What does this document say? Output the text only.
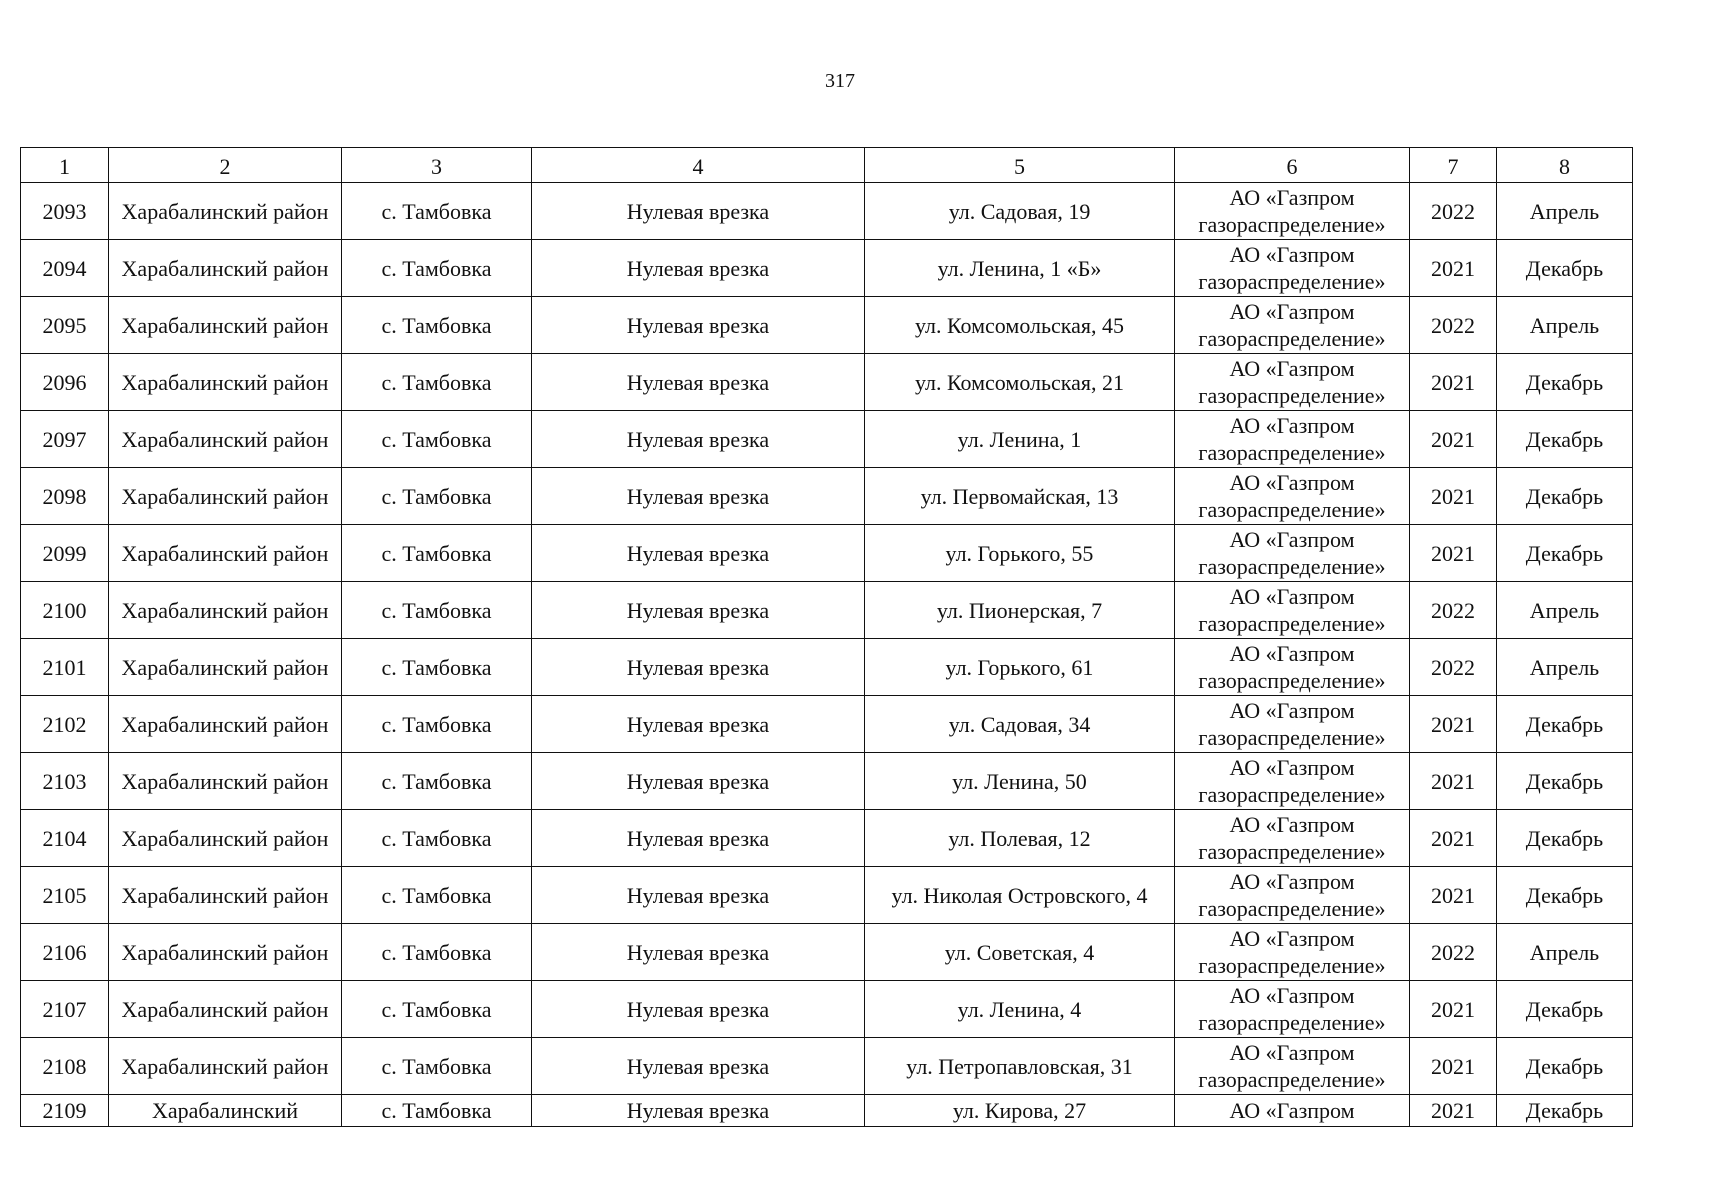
317
1	2	3	4	5	6	7	8
2093	Харабалинский район	с. Тамбовка	Нулевая врезка	ул. Садовая, 19	АО «Газпром газораспределение»	2022	Апрель
2094	Харабалинский район	с. Тамбовка	Нулевая врезка	ул. Ленина, 1 «Б»	АО «Газпром газораспределение»	2021	Декабрь
2095	Харабалинский район	с. Тамбовка	Нулевая врезка	ул. Комсомольская, 45	АО «Газпром газораспределение»	2022	Апрель
2096	Харабалинский район	с. Тамбовка	Нулевая врезка	ул. Комсомольская, 21	АО «Газпром газораспределение»	2021	Декабрь
2097	Харабалинский район	с. Тамбовка	Нулевая врезка	ул. Ленина, 1	АО «Газпром газораспределение»	2021	Декабрь
2098	Харабалинский район	с. Тамбовка	Нулевая врезка	ул. Первомайская, 13	АО «Газпром газораспределение»	2021	Декабрь
2099	Харабалинский район	с. Тамбовка	Нулевая врезка	ул. Горького, 55	АО «Газпром газораспределение»	2021	Декабрь
2100	Харабалинский район	с. Тамбовка	Нулевая врезка	ул. Пионерская, 7	АО «Газпром газораспределение»	2022	Апрель
2101	Харабалинский район	с. Тамбовка	Нулевая врезка	ул. Горького, 61	АО «Газпром газораспределение»	2022	Апрель
2102	Харабалинский район	с. Тамбовка	Нулевая врезка	ул. Садовая, 34	АО «Газпром газораспределение»	2021	Декабрь
2103	Харабалинский район	с. Тамбовка	Нулевая врезка	ул. Ленина, 50	АО «Газпром газораспределение»	2021	Декабрь
2104	Харабалинский район	с. Тамбовка	Нулевая врезка	ул. Полевая, 12	АО «Газпром газораспределение»	2021	Декабрь
2105	Харабалинский район	с. Тамбовка	Нулевая врезка	ул. Николая Островского, 4	АО «Газпром газораспределение»	2021	Декабрь
2106	Харабалинский район	с. Тамбовка	Нулевая врезка	ул. Советская, 4	АО «Газпром газораспределение»	2022	Апрель
2107	Харабалинский район	с. Тамбовка	Нулевая врезка	ул. Ленина, 4	АО «Газпром газораспределение»	2021	Декабрь
2108	Харабалинский район	с. Тамбовка	Нулевая врезка	ул. Петропавловская, 31	АО «Газпром газораспределение»	2021	Декабрь
2109	Харабалинский	с. Тамбовка	Нулевая врезка	ул. Кирова, 27	АО «Газпром	2021	Декабрь
